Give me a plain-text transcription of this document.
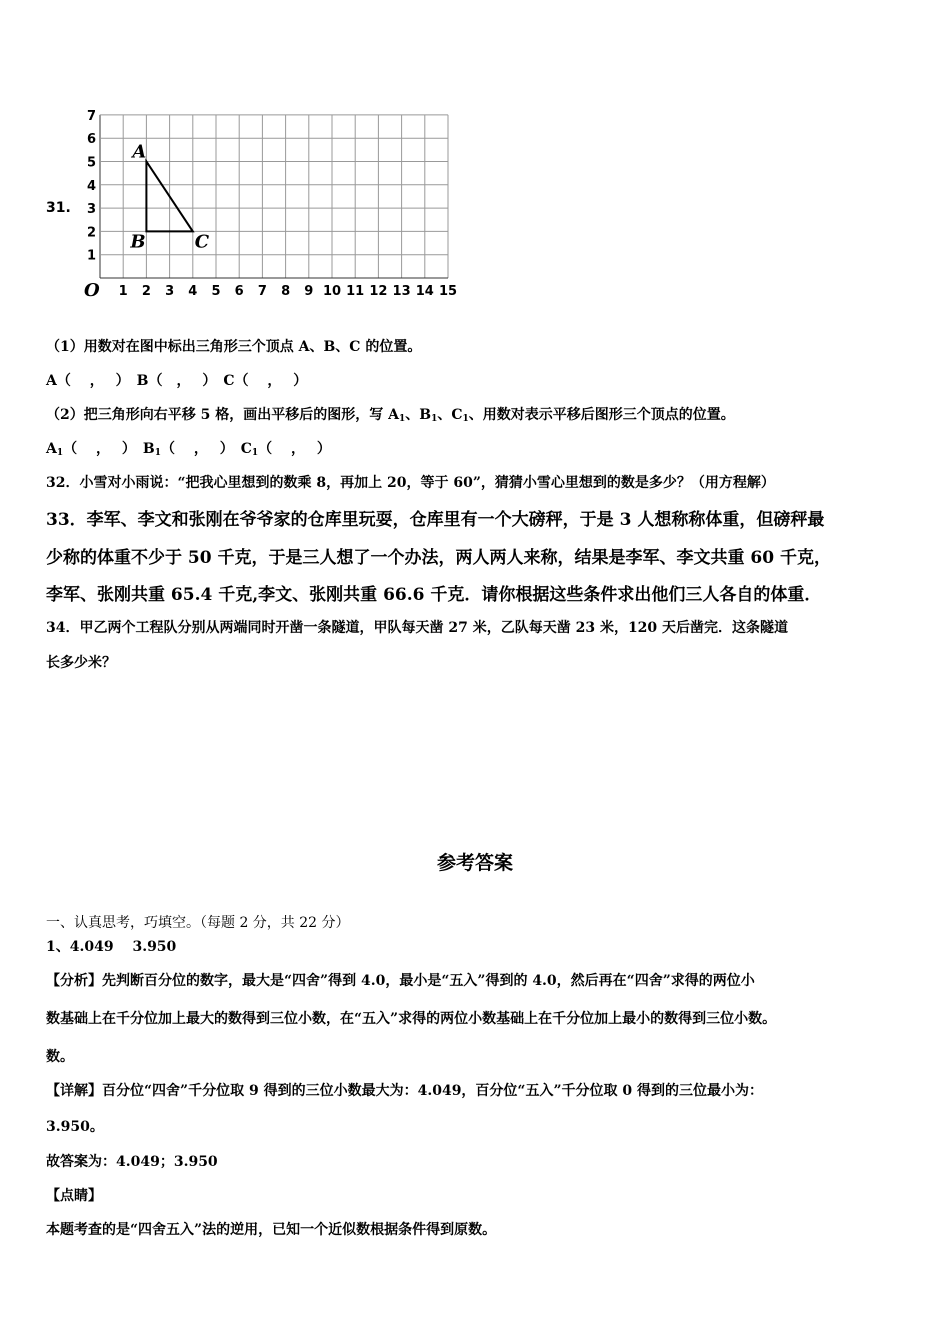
1 2 3 4 5 6 7 8 9 10 11 12 13 14 15
1
2
3
4
5
6
7
O
31.
A
B	C
（1）用数对在图中标出三角形三个顶点 A、B、C 的位置。
A（　 ，　 ）　B（　，　 ）　C（　 ，　 ）
（2）把三角形向右平移 5 格，画出平移后的图形，写 $A_1$、$B_1$、$C_1$、用数对表示平移后图形三个顶点的位置。
$A_1$（　 ，　 ）　$B_1$（　 ，　 ）　$C_1$（　 ，　 ）
32．小雪对小雨说：“把我心里想到的数乘 8，再加上 20，等于 60”，猜猜小雪心里想到的数是多少？（用方程解）
33．李军、李文和张刚在爷爷家的仓库里玩耍，仓库里有一个大磅秤，于是 3 人想称称体重，但磅秤最
少称的体重不少于 50 千克，于是三人想了一个办法，两人两人来称，结果是李军、李文共重 60 千克，
李军、张刚共重 65.4 千克,李文、张刚共重 66.6 千克．请你根据这些条件求出他们三人各自的体重．
34．甲乙两个工程队分别从两端同时开凿一条隧道，甲队每天凿 27 米，乙队每天凿 23 米，120 天后凿完．这条隧道
长多少米？
参考答案
一、认真思考，巧填空。（每题 2 分，共 22 分）
1、4.049　 3.950
【分析】先判断百分位的数字，最大是“四舍”得到 4.0，最小是“五入”得到的 4.0，然后再在“四舍”求得的两位小
数基础上在千分位加上最大的数得到三位小数，在“五入”求得的两位小数基础上在千分位加上最小的数得到三位小数。
数。
【详解】百分位“四舍”千分位取 9 得到的三位小数最大为：4.049，百分位“五入”千分位取 0 得到的三位最小为：
3.950。
故答案为：4.049；3.950
【点睛】
本题考查的是“四舍五入”法的逆用，已知一个近似数根据条件得到原数。
